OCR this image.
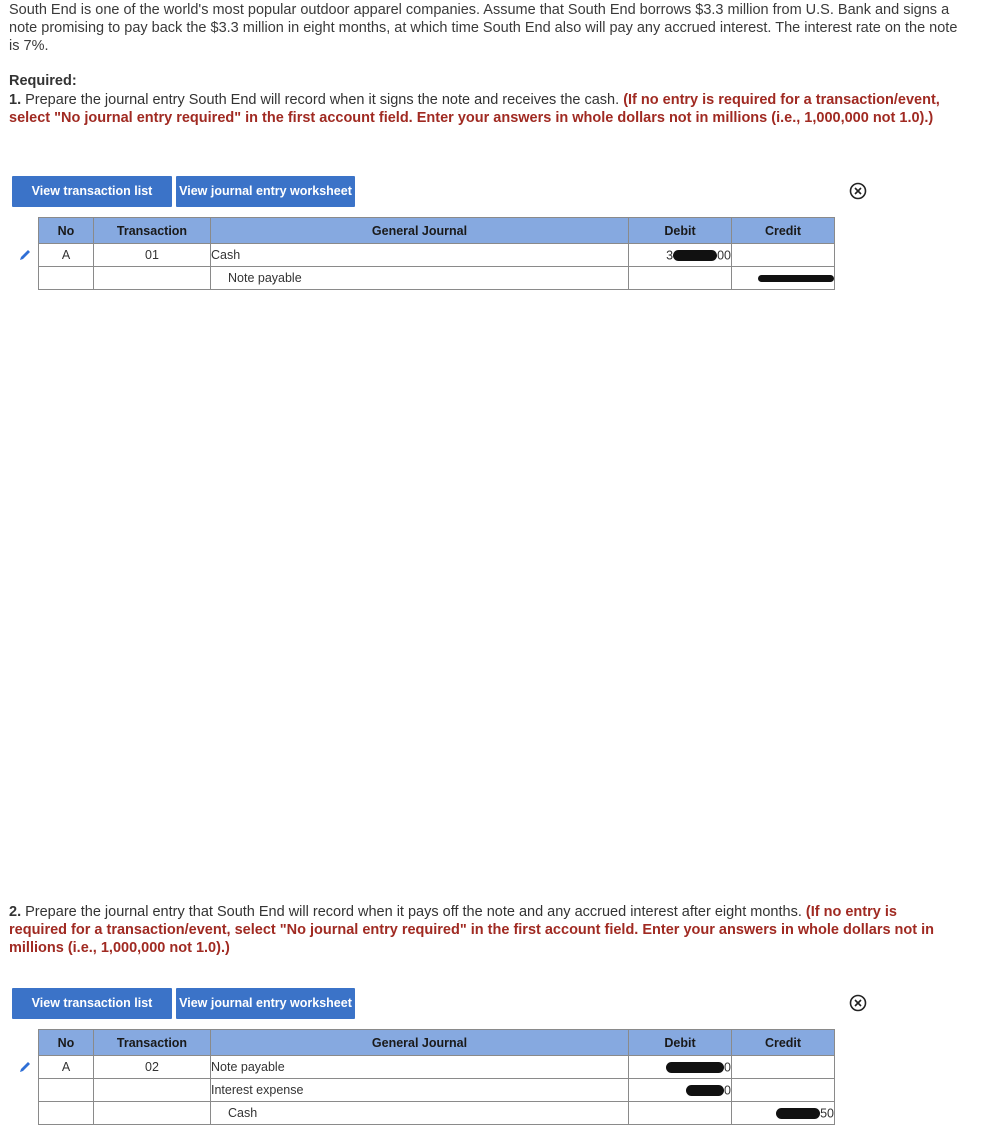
South End is one of the world's most popular outdoor apparel companies. Assume that South End borrows $3.3 million from U.S. Bank and signs a note promising to pay back the $3.3 million in eight months, at which time South End also will pay any accrued interest. The interest rate on the note is 7%.

Required:

1. Prepare the journal entry South End will record when it signs the note and receives the cash. (If no entry is required for a transaction/event, select "No journal entry required" in the first account field. Enter your answers in whole dollars not in millions (i.e., 1,000,000 not 1.0).)

View transaction list	View journal entry worksheet
No	Transaction	General Journal	Debit	Credit
A	01	Cash	3 00	
		Note payable		

2. Prepare the journal entry that South End will record when it pays off the note and any accrued interest after eight months. (If no entry is required for a transaction/event, select "No journal entry required" in the first account field. Enter your answers in whole dollars not in millions (i.e., 1,000,000 not 1.0).)

View transaction list	View journal entry worksheet
No	Transaction	General Journal	Debit	Credit
A	02	Note payable	0	
		Interest expense	0	
		Cash		50
